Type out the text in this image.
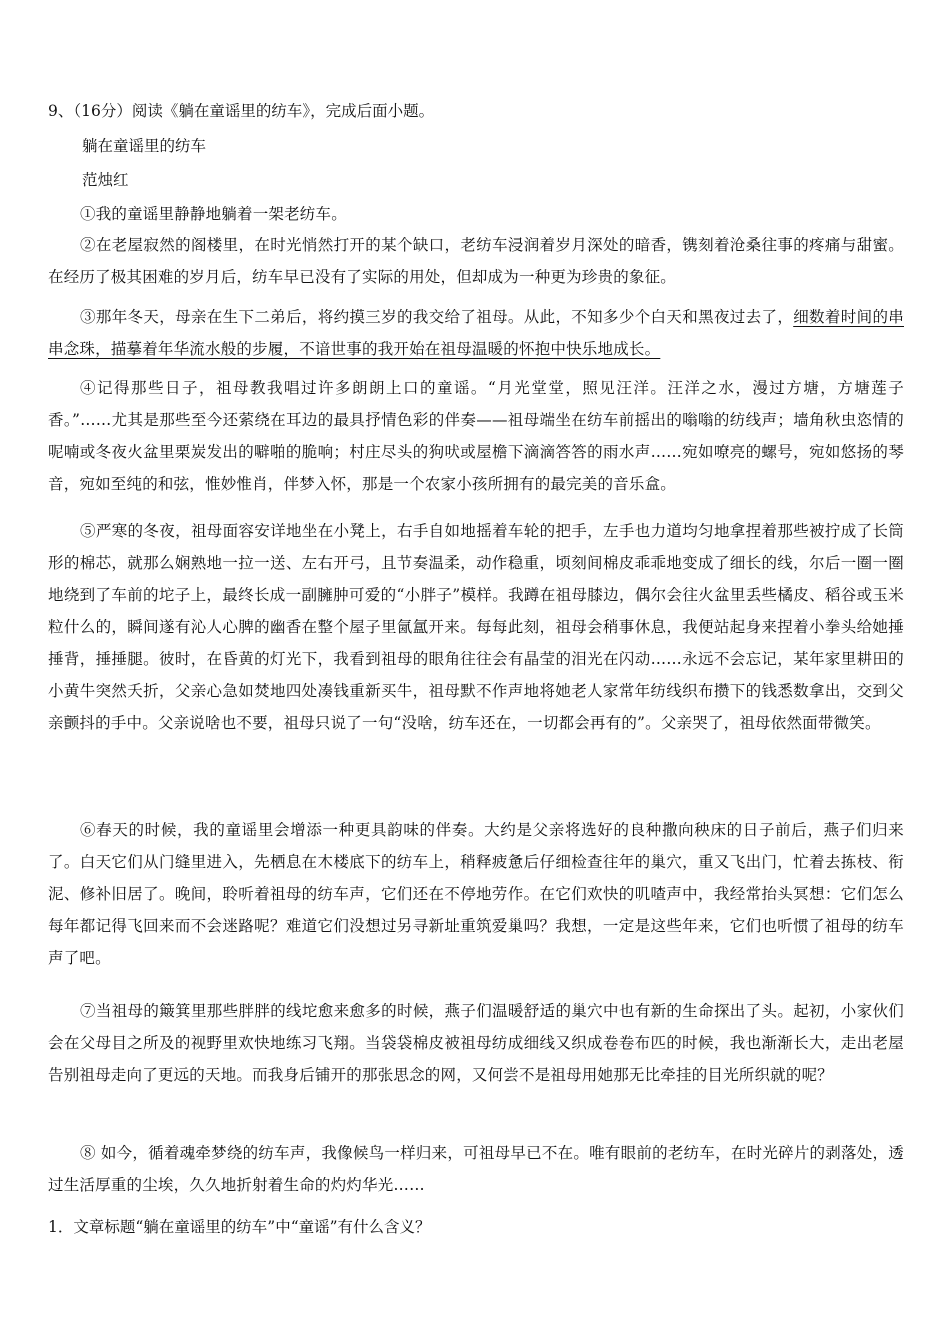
9、（16分）阅读《躺在童谣里的纺车》，完成后面小题。
躺在童谣里的纺车
范烛红
①我的童谣里静静地躺着一架老纺车。
②在老屋寂然的阁楼里，在时光悄然打开的某个缺口，老纺车浸润着岁月深处的暗香，镌刻着沧桑往事的疼痛与甜蜜。在经历了极其困难的岁月后，纺车早已没有了实际的用处，但却成为一种更为珍贵的象征。
③那年冬天，母亲在生下二弟后，将约摸三岁的我交给了祖母。从此，不知多少个白天和黑夜过去了，细数着时间的串串念珠，描摹着年华流水般的步履，不谙世事的我开始在祖母温暖的怀抱中快乐地成长。
④记得那些日子，祖母教我唱过许多朗朗上口的童谣。“月光堂堂，照见汪洋。汪洋之水，漫过方塘，方塘莲子香。”……尤其是那些至今还萦绕在耳边的最具抒情色彩的伴奏——祖母端坐在纺车前摇出的嗡嗡的纺线声；墙角秋虫恣情的呢喃或冬夜火盆里栗炭发出的噼啪的脆响；村庄尽头的狗吠或屋檐下滴滴答答的雨水声……宛如嘹亮的螺号，宛如悠扬的琴音，宛如至纯的和弦，惟妙惟肖，伴梦入怀，那是一个农家小孩所拥有的最完美的音乐盒。
⑤严寒的冬夜，祖母面容安详地坐在小凳上，右手自如地摇着车轮的把手，左手也力道均匀地拿捏着那些被拧成了长筒形的棉芯，就那么娴熟地一拉一送、左右开弓，且节奏温柔，动作稳重，顷刻间棉皮乖乖地变成了细长的线，尔后一圈一圈地绕到了车前的坨子上，最终长成一副臃肿可爱的“小胖子”模样。我蹲在祖母膝边，偶尔会往火盆里丢些橘皮、稻谷或玉米粒什么的，瞬间遂有沁人心脾的幽香在整个屋子里氤氲开来。每每此刻，祖母会稍事休息，我便站起身来捏着小拳头给她捶捶背，捶捶腿。彼时，在昏黄的灯光下，我看到祖母的眼角往往会有晶莹的泪光在闪动……永远不会忘记，某年家里耕田的小黄牛突然夭折，父亲心急如焚地四处凑钱重新买牛，祖母默不作声地将她老人家常年纺线织布攒下的钱悉数拿出，交到父亲颤抖的手中。父亲说啥也不要，祖母只说了一句“没啥，纺车还在，一切都会再有的”。父亲哭了，祖母依然面带微笑。
⑥春天的时候，我的童谣里会增添一种更具韵味的伴奏。大约是父亲将选好的良种撒向秧床的日子前后，燕子们归来了。白天它们从门缝里进入，先栖息在木楼底下的纺车上，稍释疲惫后仔细检查往年的巢穴，重又飞出门，忙着去拣枝、衔泥、修补旧居了。晚间，聆听着祖母的纺车声，它们还在不停地劳作。在它们欢快的叽喳声中，我经常抬头冥想：它们怎么每年都记得飞回来而不会迷路呢？难道它们没想过另寻新址重筑爱巢吗？我想，一定是这些年来，它们也听惯了祖母的纺车声了吧。
⑦当祖母的簸箕里那些胖胖的线坨愈来愈多的时候，燕子们温暖舒适的巢穴中也有新的生命探出了头。起初，小家伙们会在父母目之所及的视野里欢快地练习飞翔。当袋袋棉皮被祖母纺成细线又织成卷卷布匹的时候，我也渐渐长大，走出老屋告别祖母走向了更远的天地。而我身后铺开的那张思念的网，又何尝不是祖母用她那无比牵挂的目光所织就的呢？
⑧ 如今，循着魂牵梦绕的纺车声，我像候鸟一样归来，可祖母早已不在。唯有眼前的老纺车，在时光碎片的剥落处，透过生活厚重的尘埃，久久地折射着生命的灼灼华光……
1．文章标题“躺在童谣里的纺车”中“童谣”有什么含义？
